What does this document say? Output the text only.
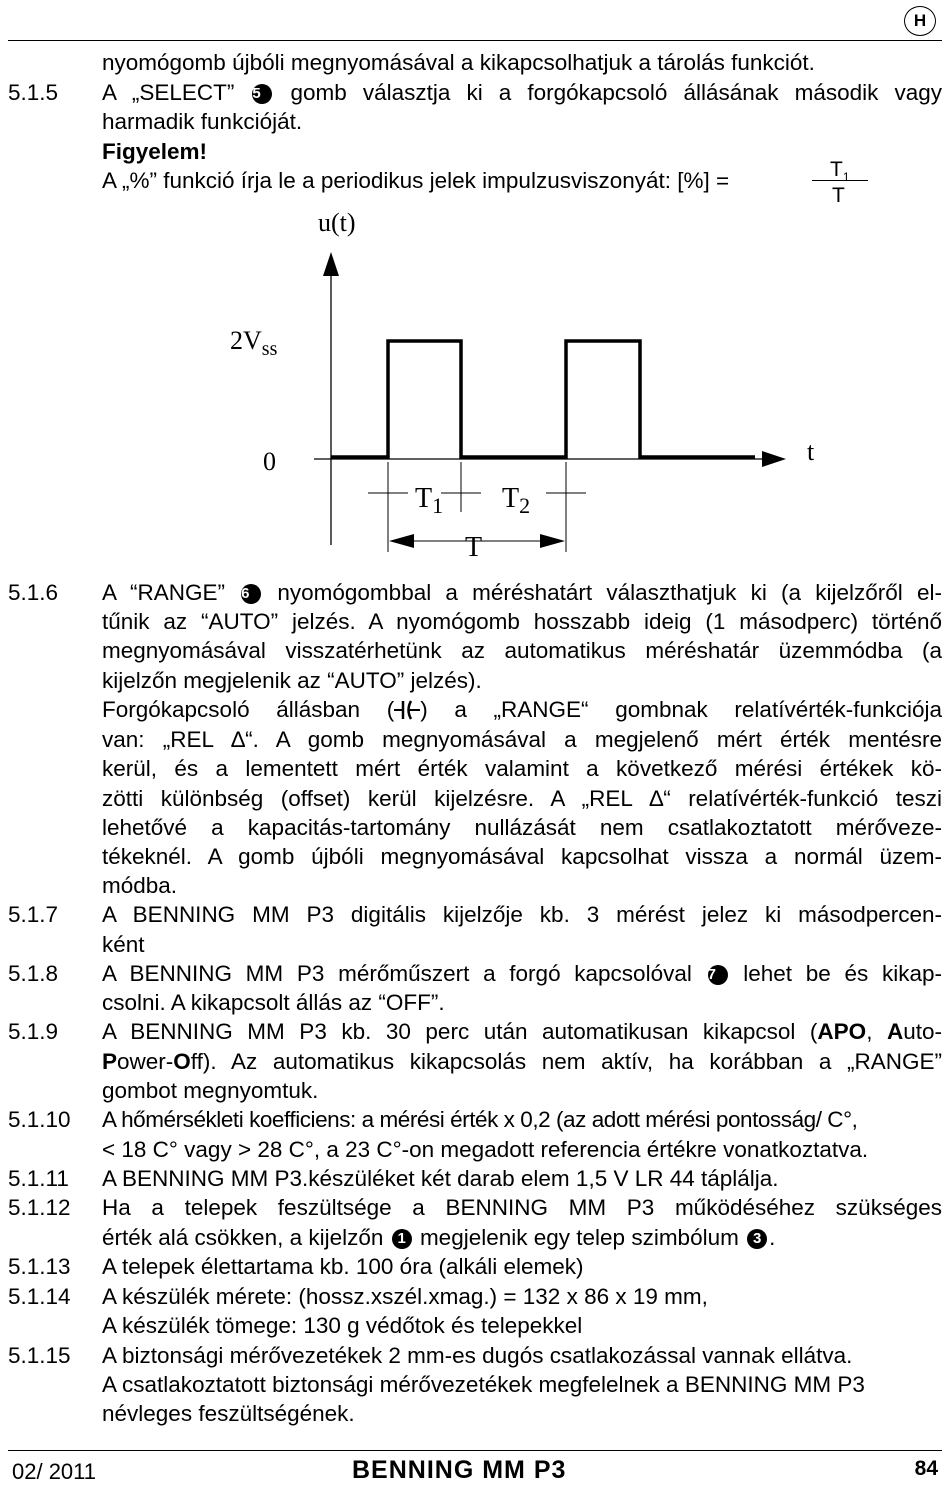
H
nyomógomb újbóli megnyomásával a kikapcsolhatjuk a tárolás funkciót.
5.1.5 A „SELECT” 5 gomb választja ki a forgókapcsoló állásának második vagy
harmadik funkcióját.
Figyelem!
A „%” funkció írja le a periodikus jelek impulzusviszonyát: [%] =	$T_1$
T
u(t)
$2V_{ss}$
0	t
$T_1$ $T_2$
T
5.1.6 A “RANGE” 6 nyomógombbal a méréshatárt választhatjuk ki (a kijelzőről el-
tűnik az “AUTO” jelzés. A nyomógomb hosszabb ideig (1 másodperc) történő
megnyomásával visszatérhetünk az automatikus méréshatár üzemmódba (a
kijelzőn megjelenik az “AUTO” jelzés).
Forgókapcsoló állásban ( ) a „RANGE“ gombnak relatívérték-funkciója
van: „REL ∆“. A gomb megnyomásával a megjelenő mért érték mentésre
kerül, és a lementett mért érték valamint a következő mérési értékek kö-
zötti különbség (offset) kerül kijelzésre. A „REL ∆“ relatívérték-funkció teszi
lehetővé a kapacitás-tartomány nullázását nem csatlakoztatott mérőveze-
tékeknél. A gomb újbóli megnyomásával kapcsolhat vissza a normál üzem-
módba.
5.1.7 A BENNING MM P3 digitális kijelzője kb. 3 mérést jelez ki másodpercen-
ként
5.1.8 A BENNING MM P3 mérőműszert a forgó kapcsolóval 7 lehet be és kikap-
csolni. A kikapcsolt állás az “OFF”.
5.1.9 A BENNING MM P3 kb. 30 perc után automatikusan kikapcsol (APO, Auto-
Power-Off). Az automatikus kikapcsolás nem aktív, ha korábban a „RANGE”
gombot megnyomtuk.
5.1.10 A hőmérsékleti koefficiens: a mérési érték x 0,2 (az adott mérési pontosság/ C°,
< 18 C° vagy > 28 C°, a 23 C°-on megadott referencia értékre vonatkoztatva.
5.1.11 A BENNING MM P3.készüléket két darab elem 1,5 V LR 44 táplálja.
5.1.12 Ha a telepek feszültsége a BENNING MM P3 működéséhez szükséges
érték alá csökken, a kijelzőn 1 megjelenik egy telep szimbólum 3 .
5.1.13 A telepek élettartama kb. 100 óra (alkáli elemek)
5.1.14 A készülék mérete: (hossz.xszél.xmag.) = 132 x 86 x 19 mm,
A készülék tömege: 130 g védőtok és telepekkel
5.1.15 A biztonsági mérővezetékek 2 mm-es dugós csatlakozással vannak ellátva.
A csatlakoztatott biztonsági mérővezetékek megfelelnek a BENNING MM P3
névleges feszültségének.
02/ 2011	BENNING MM P3	84
